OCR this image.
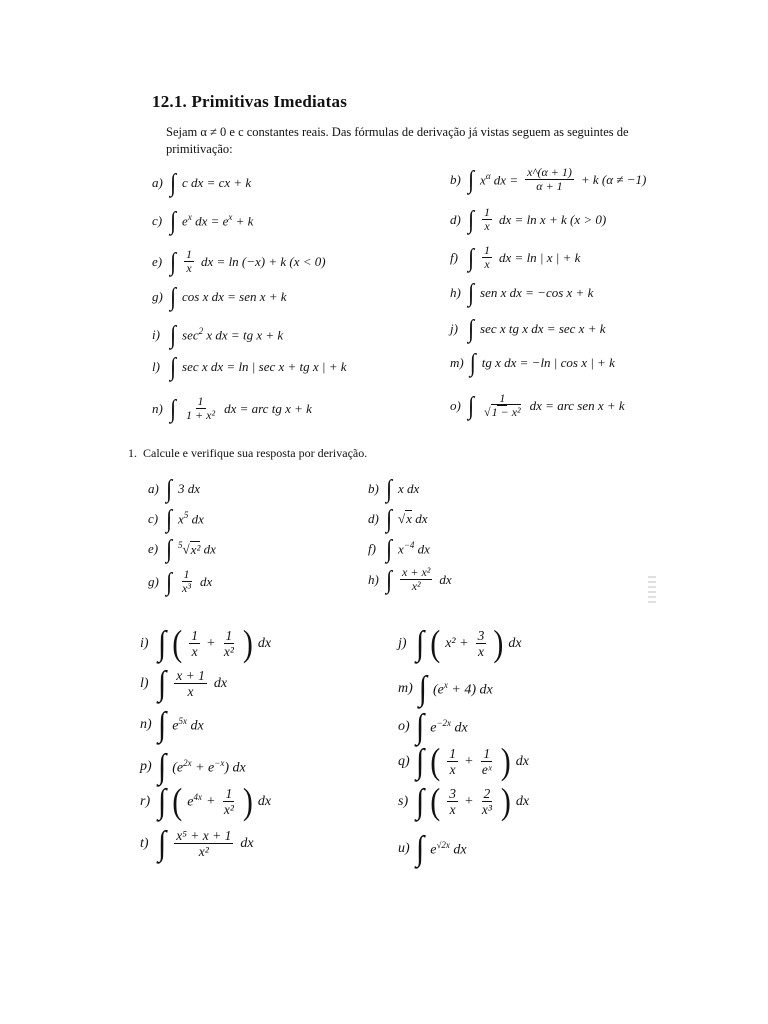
12.1. Primitivas Imediatas
Sejam α ≠ 0 e c constantes reais. Das fórmulas de derivação já vistas seguem as seguintes de primitivação:
a) ∫ c dx = cx + k	b) ∫ $x^\alpha$ dx = $\frac{x\^{}(\alpha + 1)}{\alpha + 1} + k$ (α ≠ −1)
c) ∫ $e^x$ dx = $e^x + k$	d) ∫ $\frac{1}{x}$ dx = ln x + k (x > 0)
e) ∫ $\frac{1}{x}$ dx = ln (−x) + k (x < 0)	f) ∫ $\frac{1}{x}$ dx = ln | x | + k
g) ∫ cos x dx = sen x + k	h) ∫ sen x dx = −cos x + k
i) ∫ $\sec^2 x$ dx = tg x + k	j) ∫ sec x tg x dx = sec x + k
l) ∫ sec x dx = ln | sec x + tg x | + k	m) ∫ tg x dx = −ln | cos x | + k
n) ∫ $\frac{1}{\text{1 + x²}}$ dx = arc tg x + k	o) ∫ $\frac{1}{\text{√1 − x²}}$ dx = arc sen x + k
1. Calcule e verifique sua resposta por derivação.
a) ∫ 3 dx	b) ∫ x dx
c) ∫ $x^5$ dx	d) ∫ √x dx
e) ∫ $^5$√x² dx	f) ∫ $x^{-4}$ dx
g) ∫ $\frac{1}{\text{x³}}$ dx	h) ∫ $\frac{\text{x + x²}}{\text{x²}}$ dx
i) ∫ ( $\frac{1}{x} + \frac{1}{\text{x²}}$ ) dx	j) ∫ ( $x^2 + \frac{3}{x}$ ) dx
l) ∫ $\frac{x + 1}{x}$ dx	m) ∫ $(e^x + 4)$ dx
n) ∫ $e^{5x}$ dx	o) ∫ $e^{-2x}$ dx
p) ∫ $(e^{2x} + e^{-x})$ dx	q) ∫ ( $\frac{1}{x} + \frac{1}{\text{eˣ}}$ ) dx
r) ∫ ( $e^{4x} + \frac{1}{\text{x²}}$ ) dx	s) ∫ ( $\frac{3}{x} + \frac{2}{\text{x³}}$ ) dx
t) ∫ $\frac{\text{x⁵ + x + 1}}{\text{x²}}$ dx	u) ∫ $e^{√2x}$ dx
